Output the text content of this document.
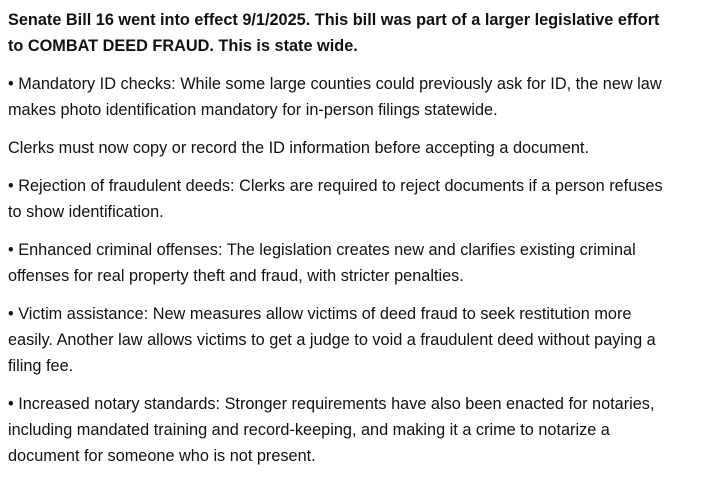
Senate Bill 16 went into effect 9/1/2025. This bill was part of a larger legislative effort
to COMBAT DEED FRAUD. This is state wide.

• Mandatory ID checks: While some large counties could previously ask for ID, the new law
makes photo identification mandatory for in-person filings statewide.

Clerks must now copy or record the ID information before accepting a document.

• Rejection of fraudulent deeds: Clerks are required to reject documents if a person refuses
to show identification.

• Enhanced criminal offenses: The legislation creates new and clarifies existing criminal
offenses for real property theft and fraud, with stricter penalties.

• Victim assistance: New measures allow victims of deed fraud to seek restitution more
easily. Another law allows victims to get a judge to void a fraudulent deed without paying a
filing fee.

• Increased notary standards: Stronger requirements have also been enacted for notaries,
including mandated training and record-keeping, and making it a crime to notarize a
document for someone who is not present.
